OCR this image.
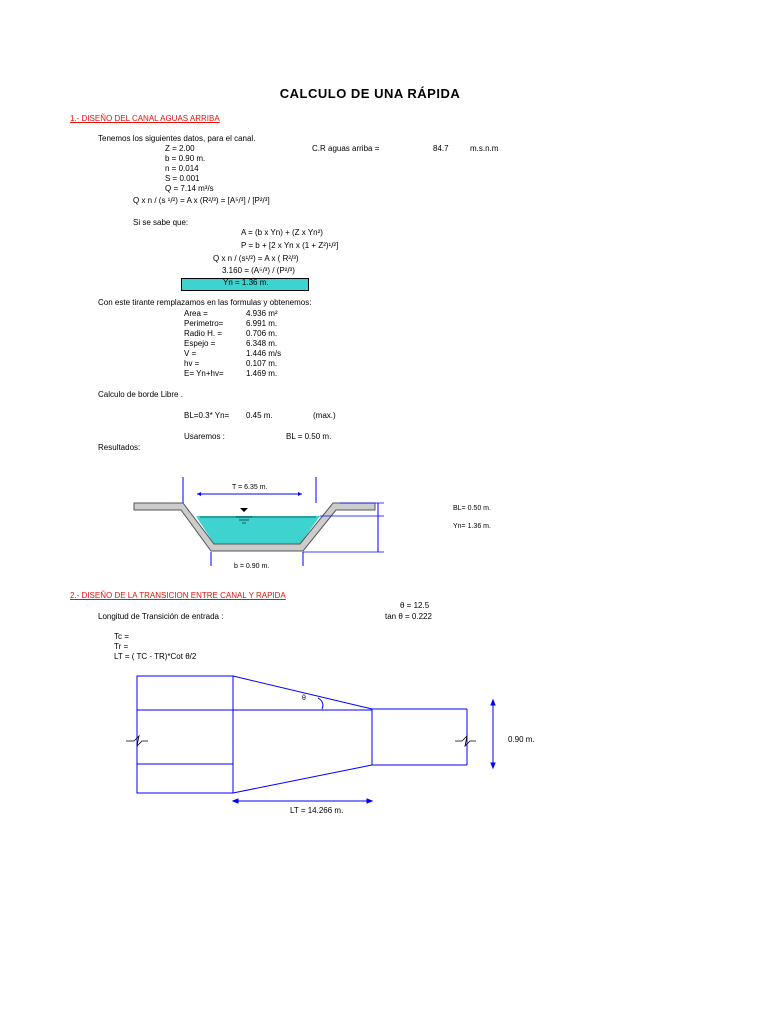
CALCULO DE UNA RÁPIDA
1.- DISEÑO DEL CANAL AGUAS ARRIBA
Tenemos los siguientes datos, para el canal.
Z = 2.00
b = 0.90 m.
n = 0.014
S = 0.001
Q = 7.14 m³/s
C.R aguas arriba =	84.7	m.s.n.m
Q x n / (s ¹/²) = A x (R²/³) = [A⁵/³] / [P²/³]
Si se sabe que:
A = (b x Yn) + (Z x Yn²)
P = b + [2 x Yn x (1 + Z²)¹/²]
Q x n / (s¹/²) = A x ( R²/³)
3.160 = (A⁵/³) / (P²/³)
Yn = 1.36 m.
Con este tirante remplazamos en las formulas y obtenemos:
Area =	4.936 m²
Perimetro=	6.991 m.
Radio H. =	0.706 m.
Espejo =	6.348 m.
V =	1.446 m/s
hv =	0.107 m.
E= Yn+hv=	1.469 m.
Calculo de borde Libre .
BL=0.3* Yn= 0.45 m.	(max.)
Usaremos :	BL = 0.50 m.
Resultados:
T = 6.35 m.
b = 0.90 m.
BL= 0.50 m.
Yn= 1.36 m.
2.- DISEÑO DE LA TRANSICION ENTRE CANAL Y RAPIDA
θ = 12.5
tan θ = 0.222
Longitud de Transición de entrada :
Tc =
Tr =
LT = ( TC - TR)*Cot θ/2
θ
0.90 m.
LT = 14.266 m.
